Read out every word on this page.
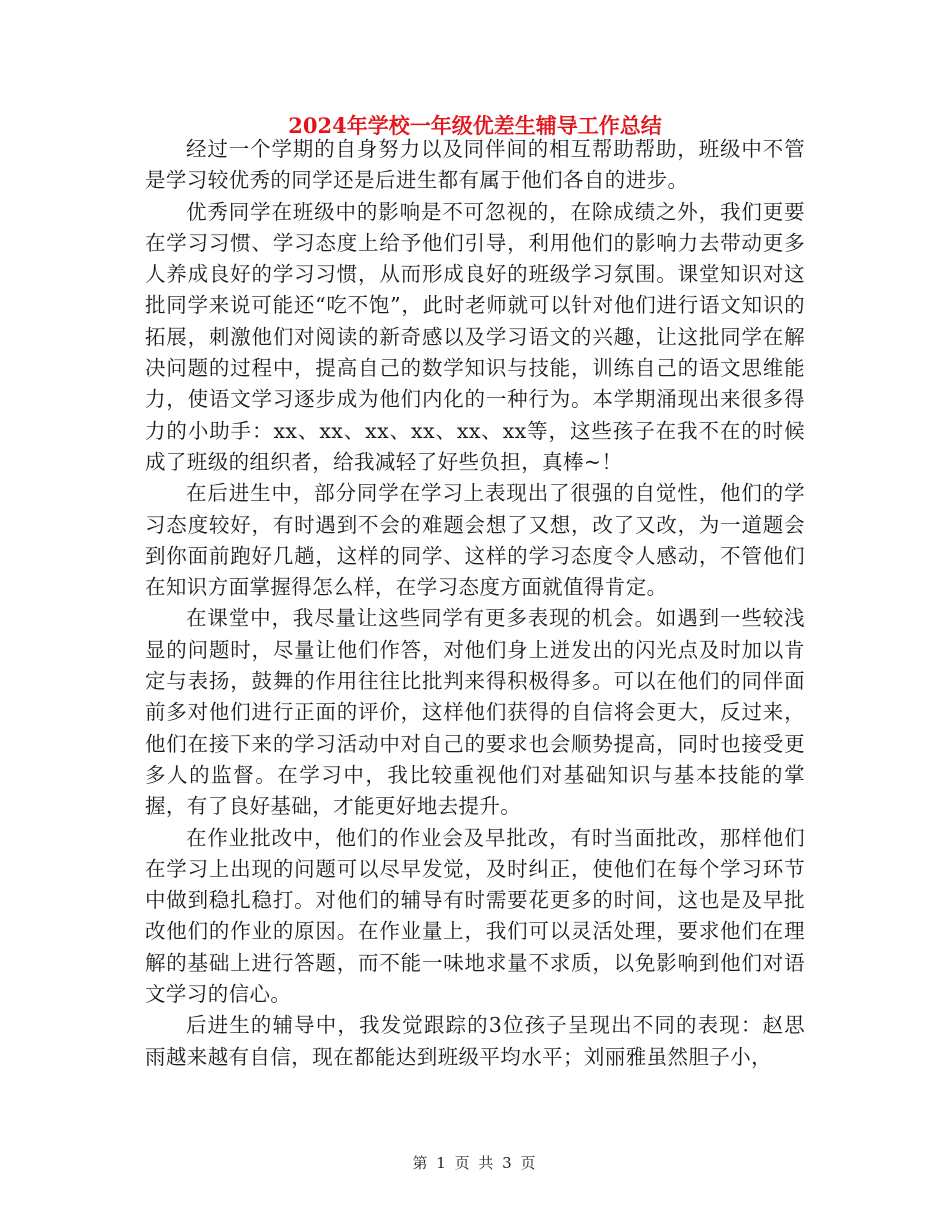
2024年学校一年级优差生辅导工作总结

经过一个学期的自身努力以及同伴间的相互帮助帮助，班级中不管是学习较优秀的同学还是后进生都有属于他们各自的进步。

优秀同学在班级中的影响是不可忽视的，在除成绩之外，我们更要在学习习惯、学习态度上给予他们引导，利用他们的影响力去带动更多人养成良好的学习习惯，从而形成良好的班级学习氛围。课堂知识对这批同学来说可能还“吃不饱”，此时老师就可以针对他们进行语文知识的拓展，刺激他们对阅读的新奇感以及学习语文的兴趣，让这批同学在解决问题的过程中，提高自己的数学知识与技能，训练自己的语文思维能力，使语文学习逐步成为他们内化的一种行为。本学期涌现出来很多得力的小助手：xx、xx、xx、xx、xx、xx等，这些孩子在我不在的时候成了班级的组织者，给我减轻了好些负担，真棒~！

在后进生中，部分同学在学习上表现出了很强的自觉性，他们的学习态度较好，有时遇到不会的难题会想了又想，改了又改，为一道题会到你面前跑好几趟，这样的同学、这样的学习态度令人感动，不管他们在知识方面掌握得怎么样，在学习态度方面就值得肯定。

在课堂中，我尽量让这些同学有更多表现的机会。如遇到一些较浅显的问题时，尽量让他们作答，对他们身上迸发出的闪光点及时加以肯定与表扬，鼓舞的作用往往比批判来得积极得多。可以在他们的同伴面前多对他们进行正面的评价，这样他们获得的自信将会更大，反过来，他们在接下来的学习活动中对自己的要求也会顺势提高，同时也接受更多人的监督。在学习中，我比较重视他们对基础知识与基本技能的掌握，有了良好基础，才能更好地去提升。

在作业批改中，他们的作业会及早批改，有时当面批改，那样他们在学习上出现的问题可以尽早发觉，及时纠正，使他们在每个学习环节中做到稳扎稳打。对他们的辅导有时需要花更多的时间，这也是及早批改他们的作业的原因。在作业量上，我们可以灵活处理，要求他们在理解的基础上进行答题，而不能一味地求量不求质，以免影响到他们对语文学习的信心。

后进生的辅导中，我发觉跟踪的3位孩子呈现出不同的表现：赵思雨越来越有自信，现在都能达到班级平均水平；刘丽雅虽然胆子小，

第 1 页 共 3 页
